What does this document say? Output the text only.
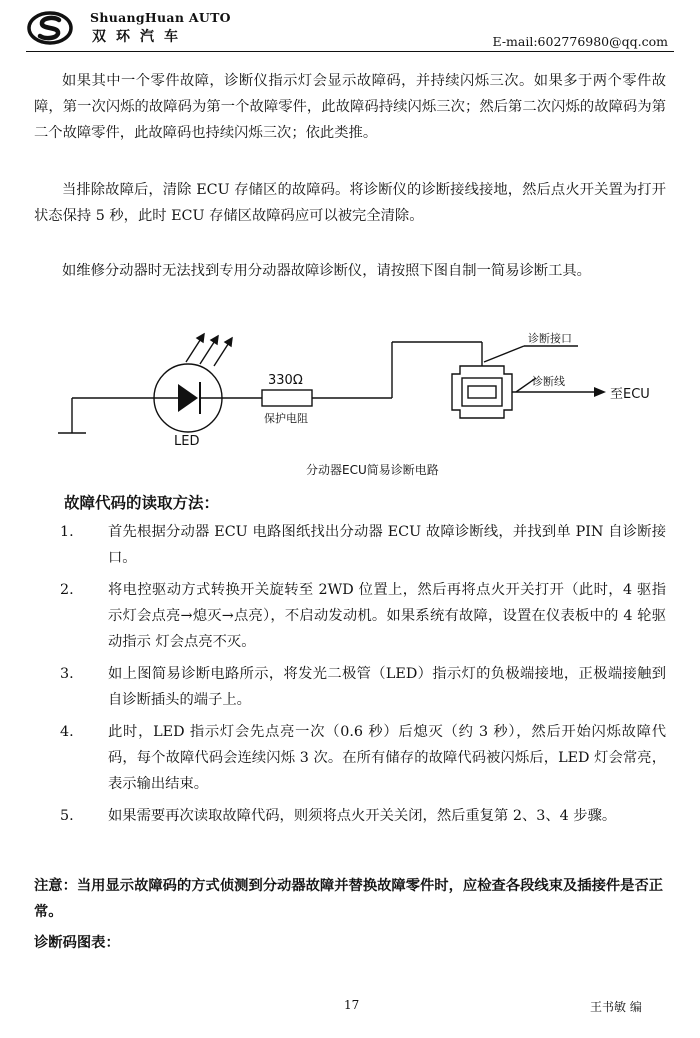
ShuangHuan AUTO
双环汽车	E-mail:602776980@qq.com

如果其中一个零件故障，诊断仪指示灯会显示故障码，并持续闪烁三次。如果多于两个零件故障，第一次闪烁的故障码为第一个故障零件，此故障码持续闪烁三次；然后第二次闪烁的故障码为第二个故障零件，此故障码也持续闪烁三次；依此类推。

当排除故障后，清除 ECU 存储区的故障码。将诊断仪的诊断接线接地，然后点火开关置为打开状态保持 5 秒，此时 ECU 存储区故障码应可以被完全清除。

如维修分动器时无法找到专用分动器故障诊断仪，请按照下图自制一简易诊断工具。

LED
330Ω
保护电阻
诊断接口
诊断线
至ECU
分动器ECU简易诊断电路
故障代码的读取方法：
1.	首先根据分动器 ECU 电路图纸找出分动器 ECU 故障诊断线，并找到单 PIN 自诊断接口。
2.	将电控驱动方式转换开关旋转至 2WD 位置上，然后再将点火开关打开（此时，4 驱指 示灯会点亮→熄灭→点亮），不启动发动机。如果系统有故障，设置在仪表板中的 4 轮驱动指示 灯会点亮不灭。
3.	如上图简易诊断电路所示，将发光二极管（LED）指示灯的负极端接地，正极端接触到自诊断插头的端子上。
4.	此时，LED 指示灯会先点亮一次（0.6 秒）后熄灭（约 3 秒），然后开始闪烁故障代码，每个故障代码会连续闪烁 3 次。在所有储存的故障代码被闪烁后，LED 灯会常亮，表示输出结束。
5.	如果需要再次读取故障代码，则须将点火开关关闭，然后重复第 2、3、4 步骤。

注意：当用显示故障码的方式侦测到分动器故障并替换故障零件时，应检查各段线束及插接件是否正常。

诊断码图表：
17	王书敏 编
